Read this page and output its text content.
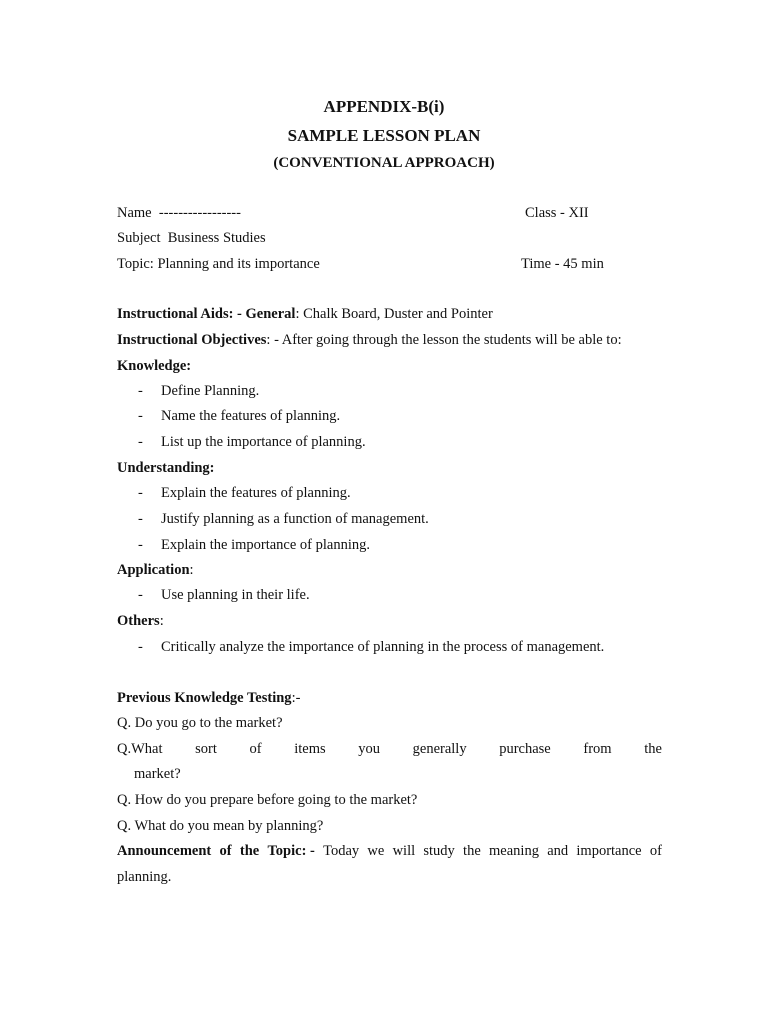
APPENDIX-B(i)
SAMPLE LESSON PLAN
(CONVENTIONAL APPROACH)
Name -----------------	Class - XII
Subject Business Studies
Topic: Planning and its importance	Time - 45 min
Instructional Aids: - General: Chalk Board, Duster and Pointer
Instructional Objectives: - After going through the lesson the students will be able to:
Knowledge:
- Define Planning.
- Name the features of planning.
- List up the importance of planning.
Understanding:
- Explain the features of planning.
- Justify planning as a function of management.
- Explain the importance of planning.
Application:
- Use planning in their life.
Others:
- Critically analyze the importance of planning in the process of management.
Previous Knowledge Testing:-
Q. Do you go to the market?
Q.What sort of items you generally purchase from the
market?
Q. How do you prepare before going to the market?
Q. What do you mean by planning?
Announcement of the Topic: - Today we will study the meaning and importance of
planning.
